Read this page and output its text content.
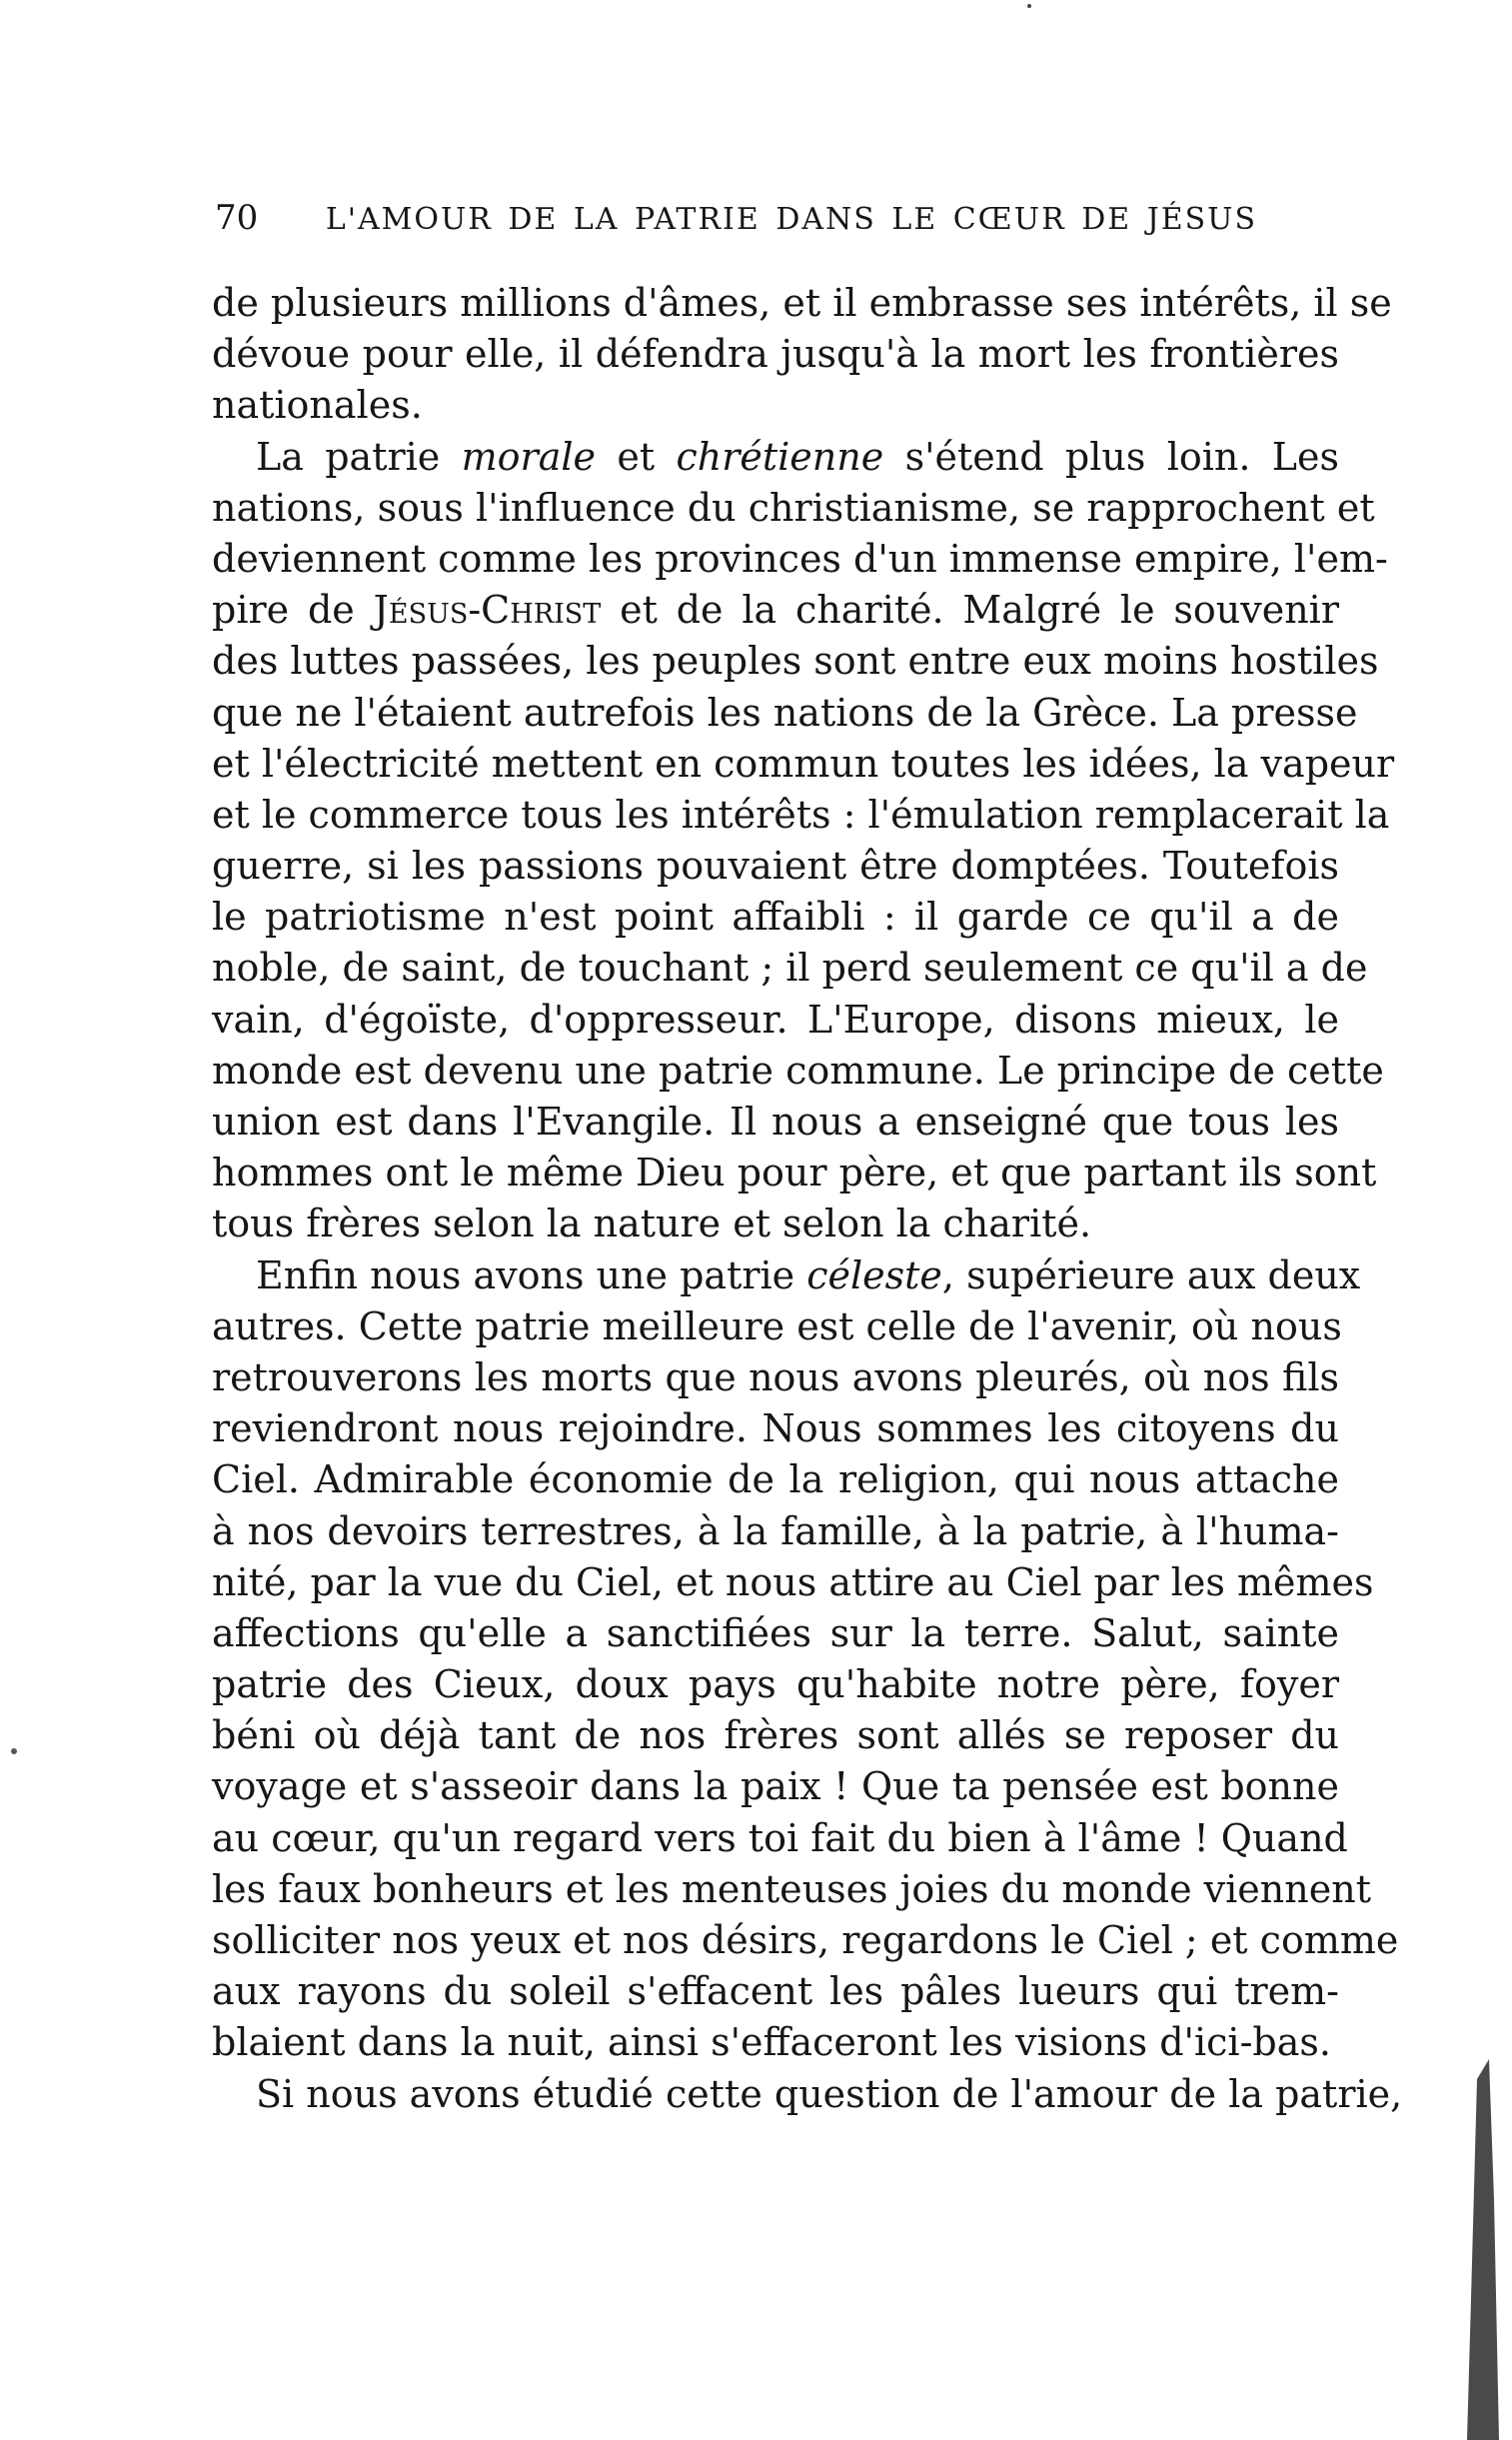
70 L'AMOUR DE LA PATRIE DANS LE CŒUR DE JÉSUS
de plusieurs millions d'âmes, et il embrasse ses intérêts, il se
dévoue pour elle, il défendra jusqu'à la mort les frontières
nationales.
La patrie morale et chrétienne s'étend plus loin. Les
nations, sous l'influence du christianisme, se rapprochent et
deviennent comme les provinces d'un immense empire, l'em-
pire de Jésus-Christ et de la charité. Malgré le souvenir
des luttes passées, les peuples sont entre eux moins hostiles
que ne l'étaient autrefois les nations de la Grèce. La presse
et l'électricité mettent en commun toutes les idées, la vapeur
et le commerce tous les intérêts : l'émulation remplacerait la
guerre, si les passions pouvaient être domptées. Toutefois
le patriotisme n'est point affaibli : il garde ce qu'il a de
noble, de saint, de touchant ; il perd seulement ce qu'il a de
vain, d'égoïste, d'oppresseur. L'Europe, disons mieux, le
monde est devenu une patrie commune. Le principe de cette
union est dans l'Evangile. Il nous a enseigné que tous les
hommes ont le même Dieu pour père, et que partant ils sont
tous frères selon la nature et selon la charité.
Enfin nous avons une patrie céleste, supérieure aux deux
autres. Cette patrie meilleure est celle de l'avenir, où nous
retrouverons les morts que nous avons pleurés, où nos fils
reviendront nous rejoindre. Nous sommes les citoyens du
Ciel. Admirable économie de la religion, qui nous attache
à nos devoirs terrestres, à la famille, à la patrie, à l'huma-
nité, par la vue du Ciel, et nous attire au Ciel par les mêmes
affections qu'elle a sanctifiées sur la terre. Salut, sainte
patrie des Cieux, doux pays qu'habite notre père, foyer
béni où déjà tant de nos frères sont allés se reposer du
voyage et s'asseoir dans la paix ! Que ta pensée est bonne
au cœur, qu'un regard vers toi fait du bien à l'âme ! Quand
les faux bonheurs et les menteuses joies du monde viennent
solliciter nos yeux et nos désirs, regardons le Ciel ; et comme
aux rayons du soleil s'effacent les pâles lueurs qui trem-
blaient dans la nuit, ainsi s'effaceront les visions d'ici-bas.
Si nous avons étudié cette question de l'amour de la patrie,
